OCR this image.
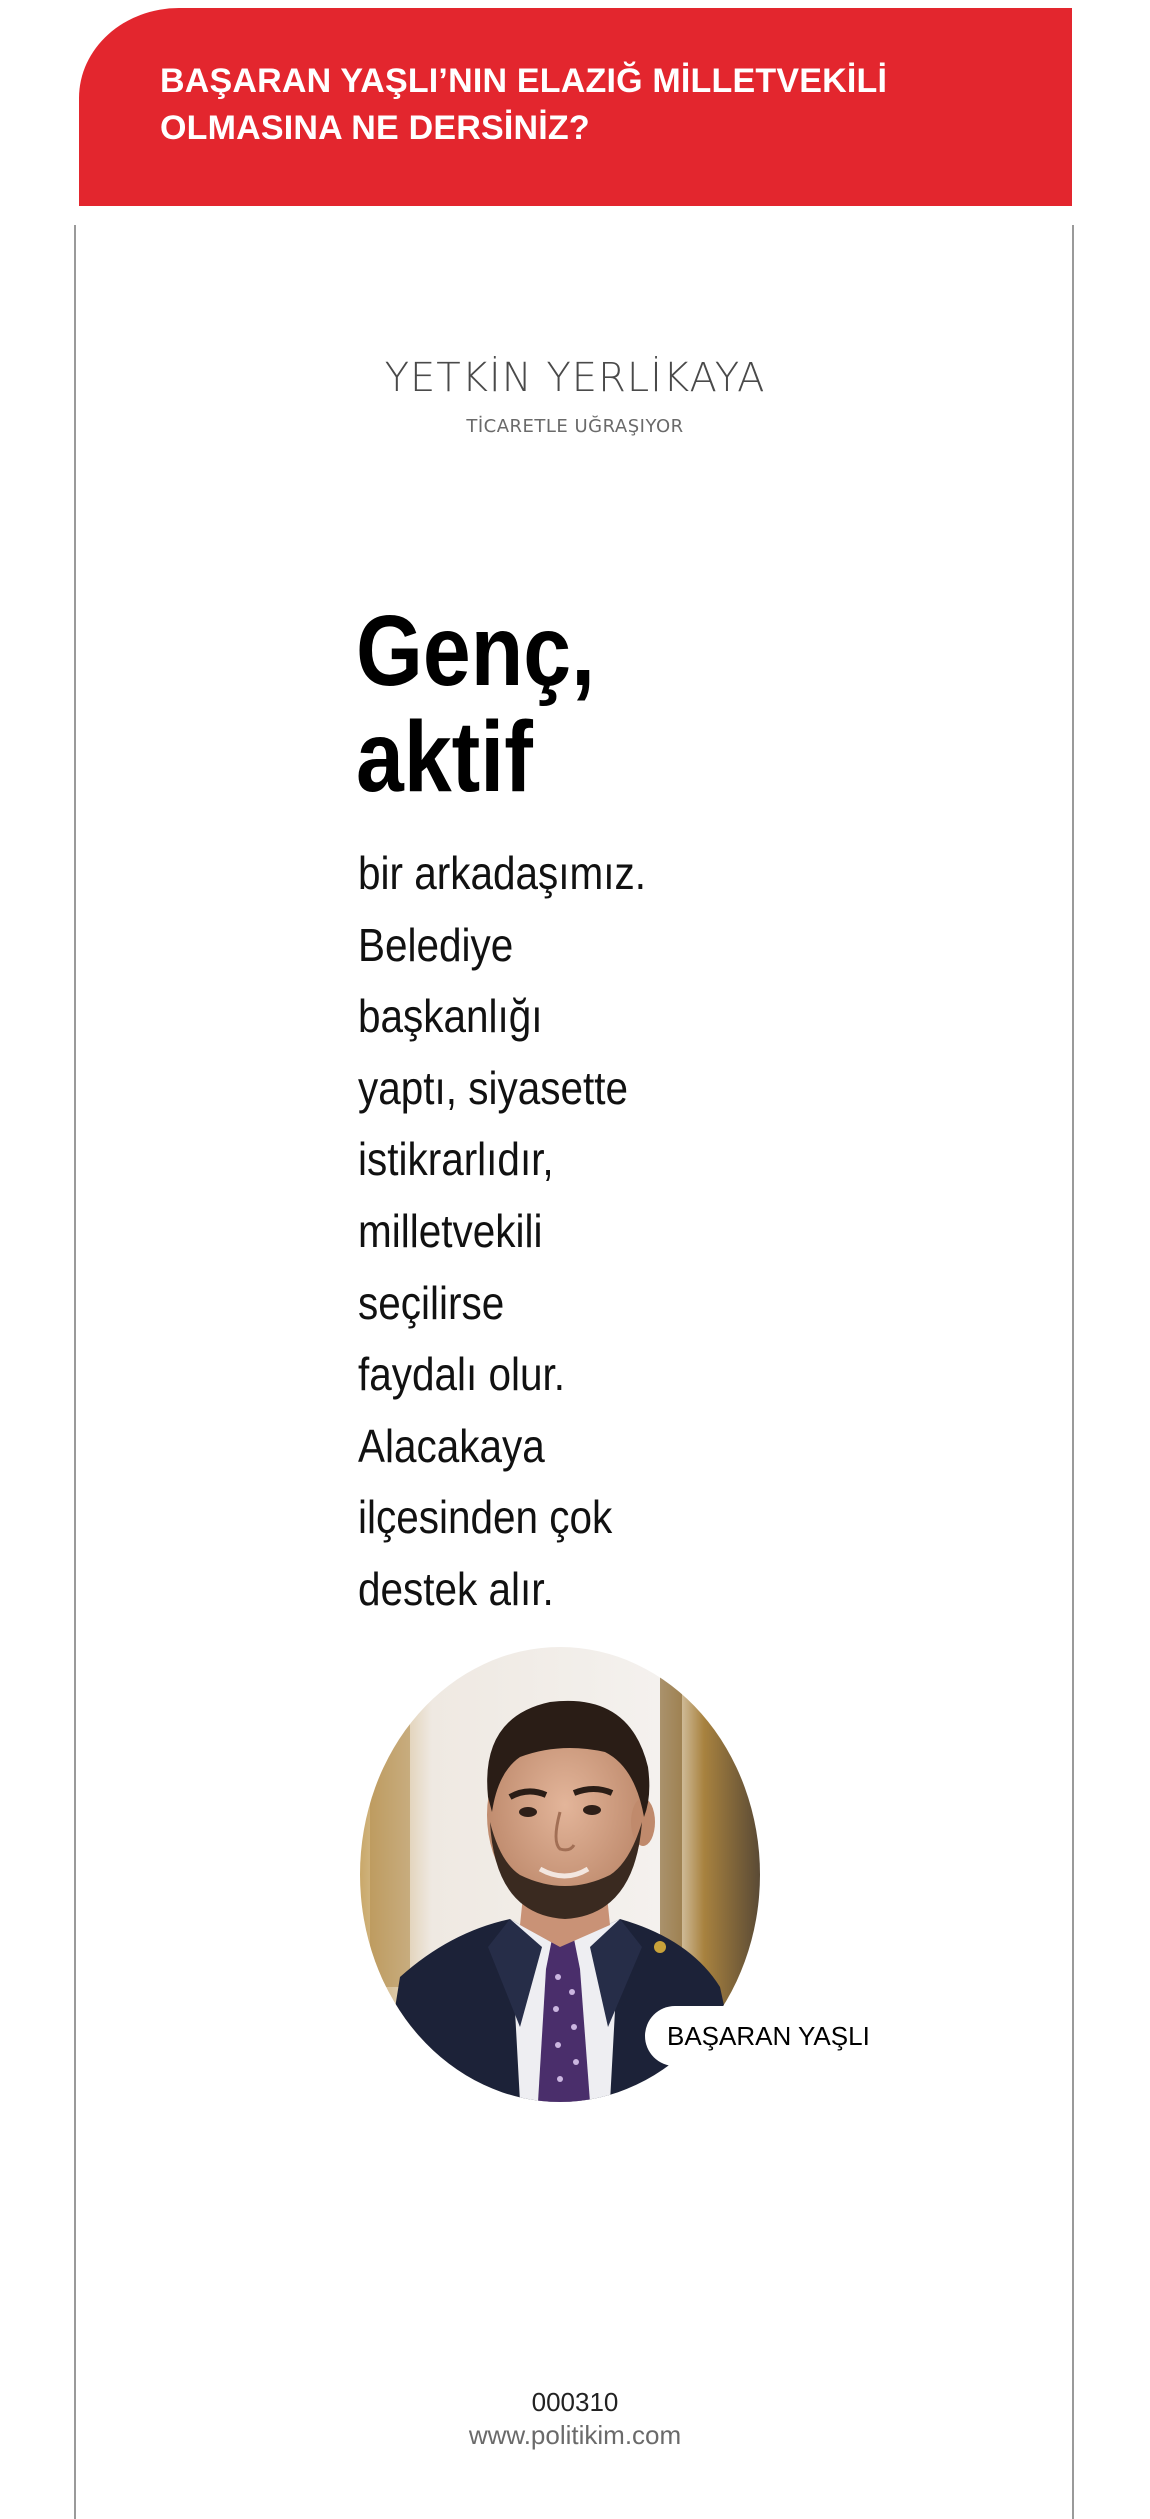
BAŞARAN YAŞLI’NIN ELAZIĞ MİLLETVEKİLİ OLMASINA NE DERSİNİZ?

YETKİN YERLİKAYA
TİCARETLE UĞRAŞIYOR
Genç,
aktif

bir arkadaşımız.
Belediye
başkanlığı
yaptı, siyasette
istikrarlıdır,
milletvekili
seçilirse
faydalı olur.
Alacakaya
ilçesinden çok
destek alır.

BAŞARAN YAŞLI
000310
www.politikim.com
